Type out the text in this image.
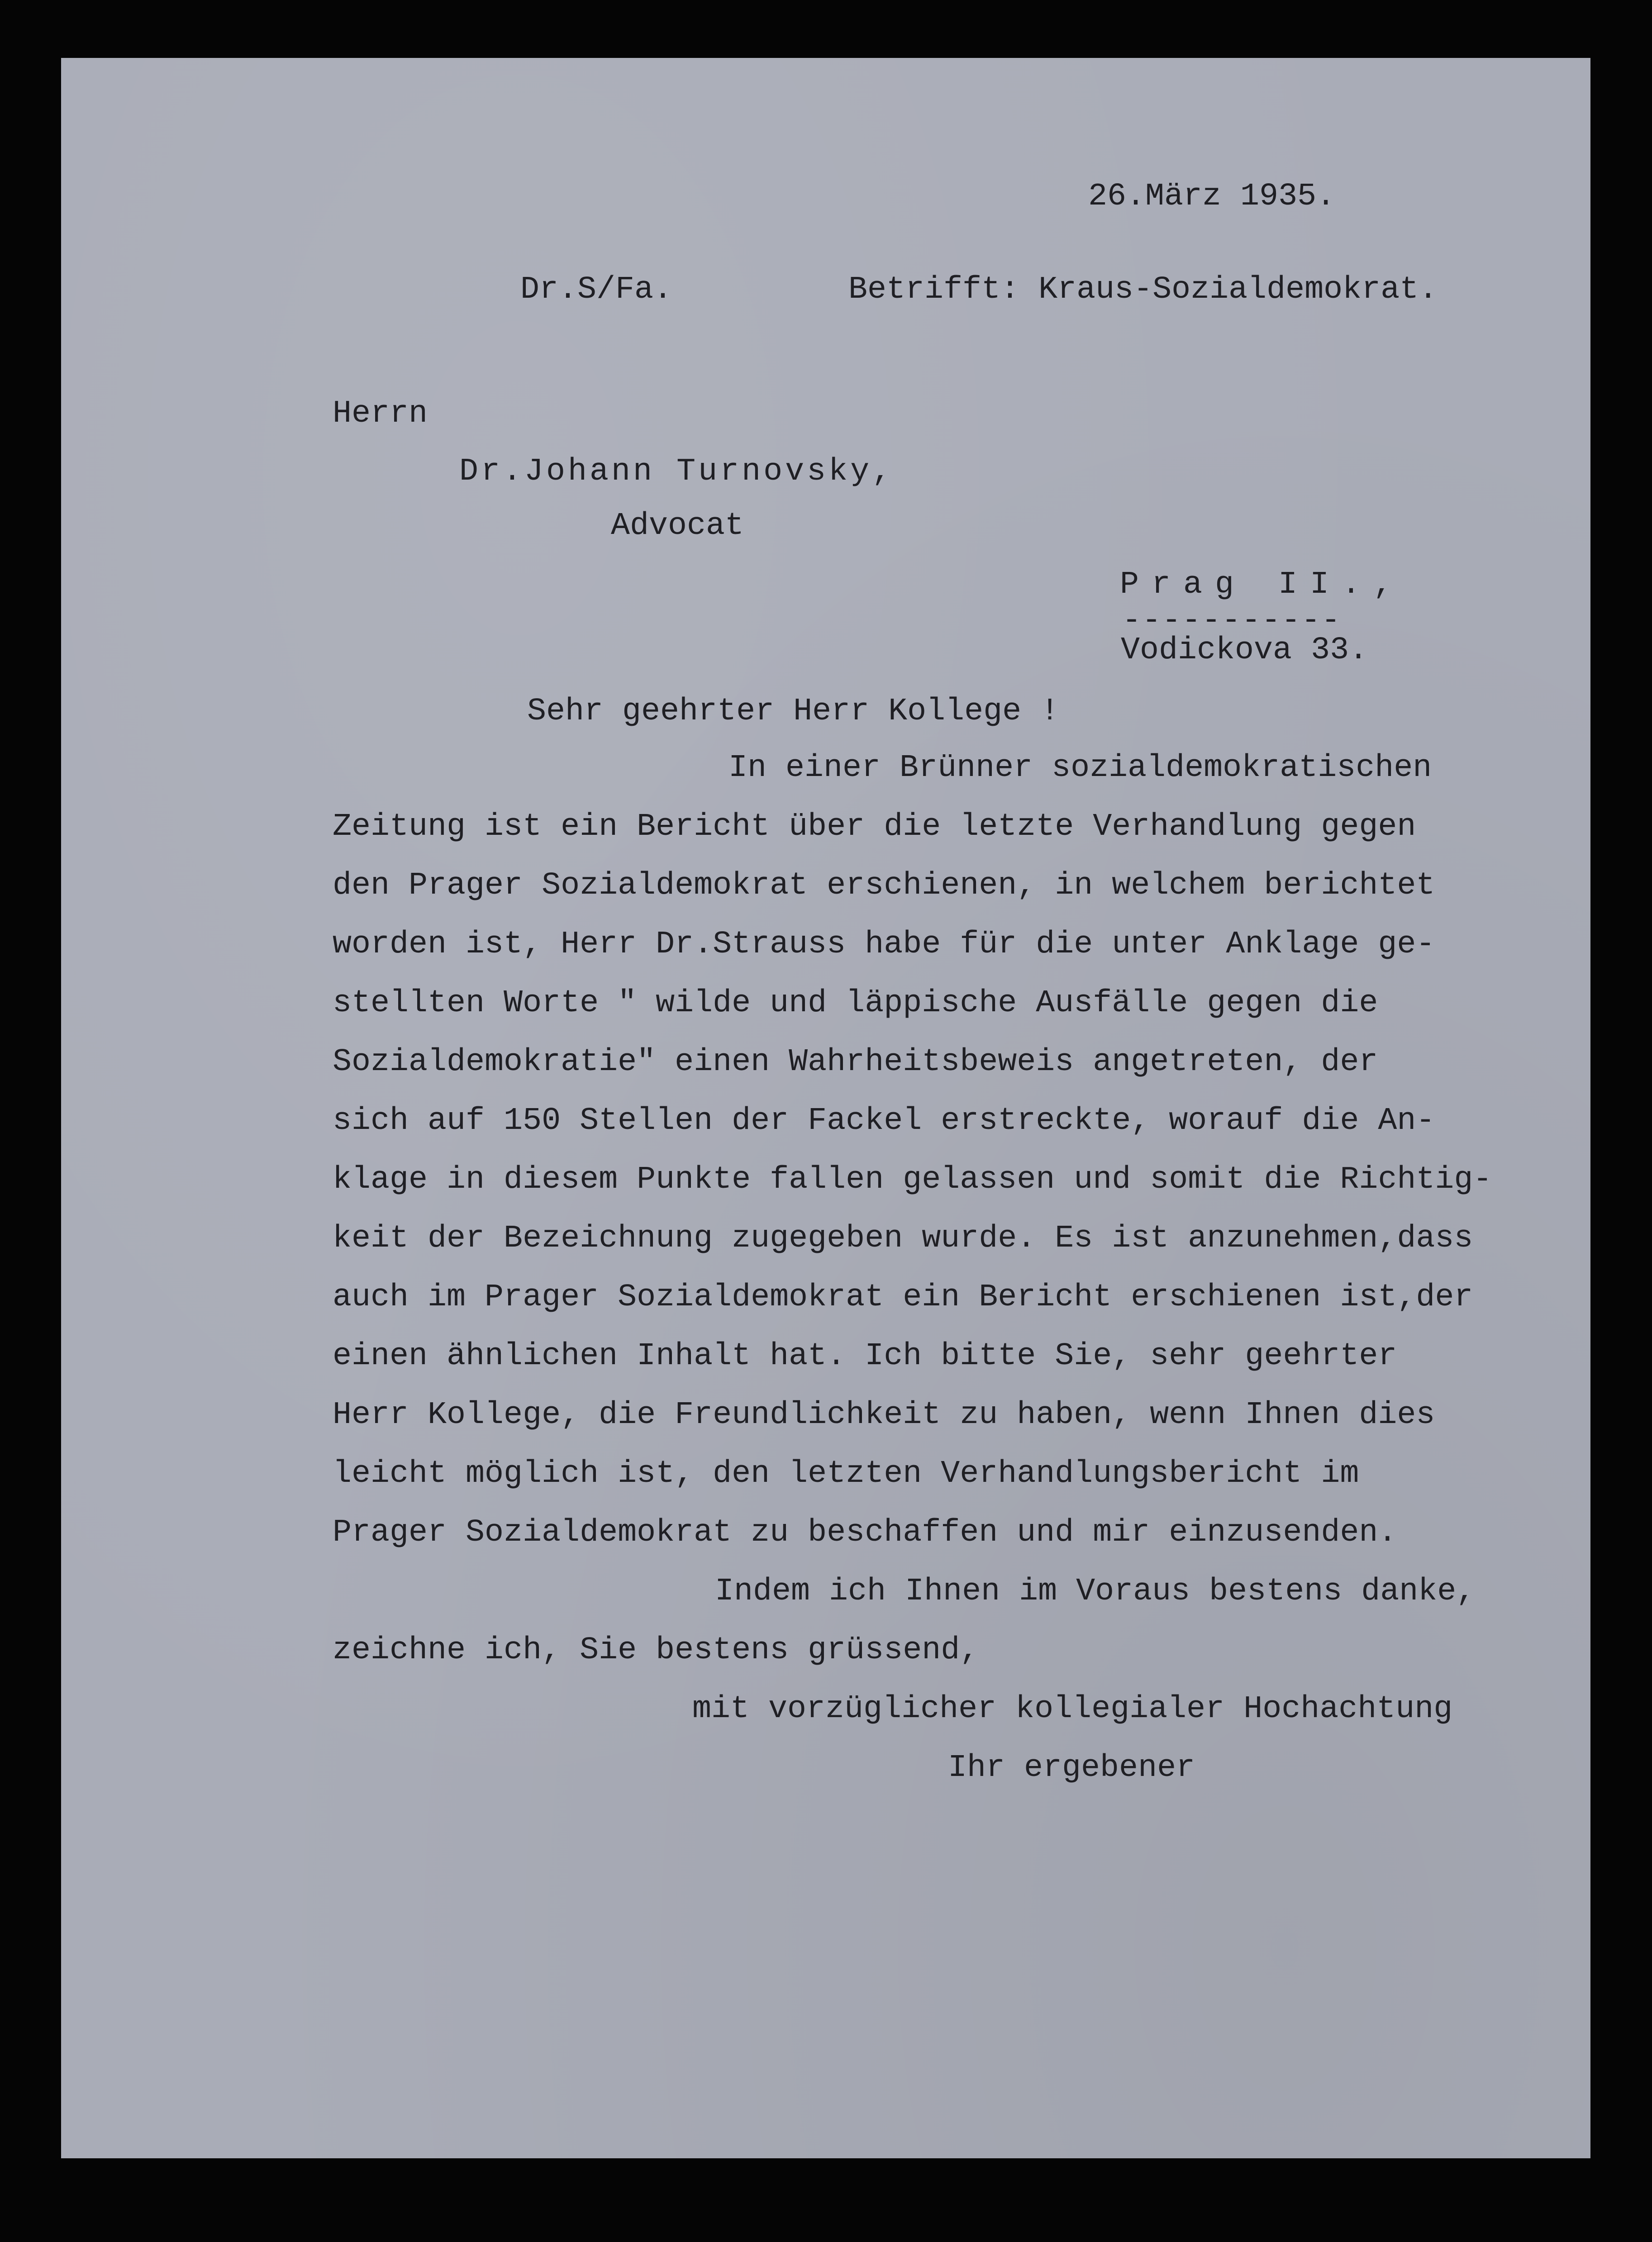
26.März 1935.
Dr.S/Fa.	Betrifft: Kraus-Sozialdemokrat.
Herrn
Dr.Johann Turnovsky,
Advocat
Prag II.,
-----------
Vodickova 33.
Sehr geehrter Herr Kollege !
In einer Brünner sozialdemokratischen
Zeitung ist ein Bericht über die letzte Verhandlung gegen
den Prager Sozialdemokrat erschienen, in welchem berichtet
worden ist, Herr Dr.Strauss habe für die unter Anklage ge-
stellten Worte " wilde und läppische Ausfälle gegen die
Sozialdemokratie" einen Wahrheitsbeweis angetreten, der
sich auf 150 Stellen der Fackel erstreckte, worauf die An-
klage in diesem Punkte fallen gelassen und somit die Richtig-
keit der Bezeichnung zugegeben wurde. Es ist anzunehmen,dass
auch im Prager Sozialdemokrat ein Bericht erschienen ist,der
einen ähnlichen Inhalt hat. Ich bitte Sie, sehr geehrter
Herr Kollege, die Freundlichkeit zu haben, wenn Ihnen dies
leicht möglich ist, den letzten Verhandlungsbericht im
Prager Sozialdemokrat zu beschaffen und mir einzusenden.
Indem ich Ihnen im Voraus bestens danke,
zeichne ich, Sie bestens grüssend,
mit vorzüglicher kollegialer Hochachtung
Ihr ergebener
